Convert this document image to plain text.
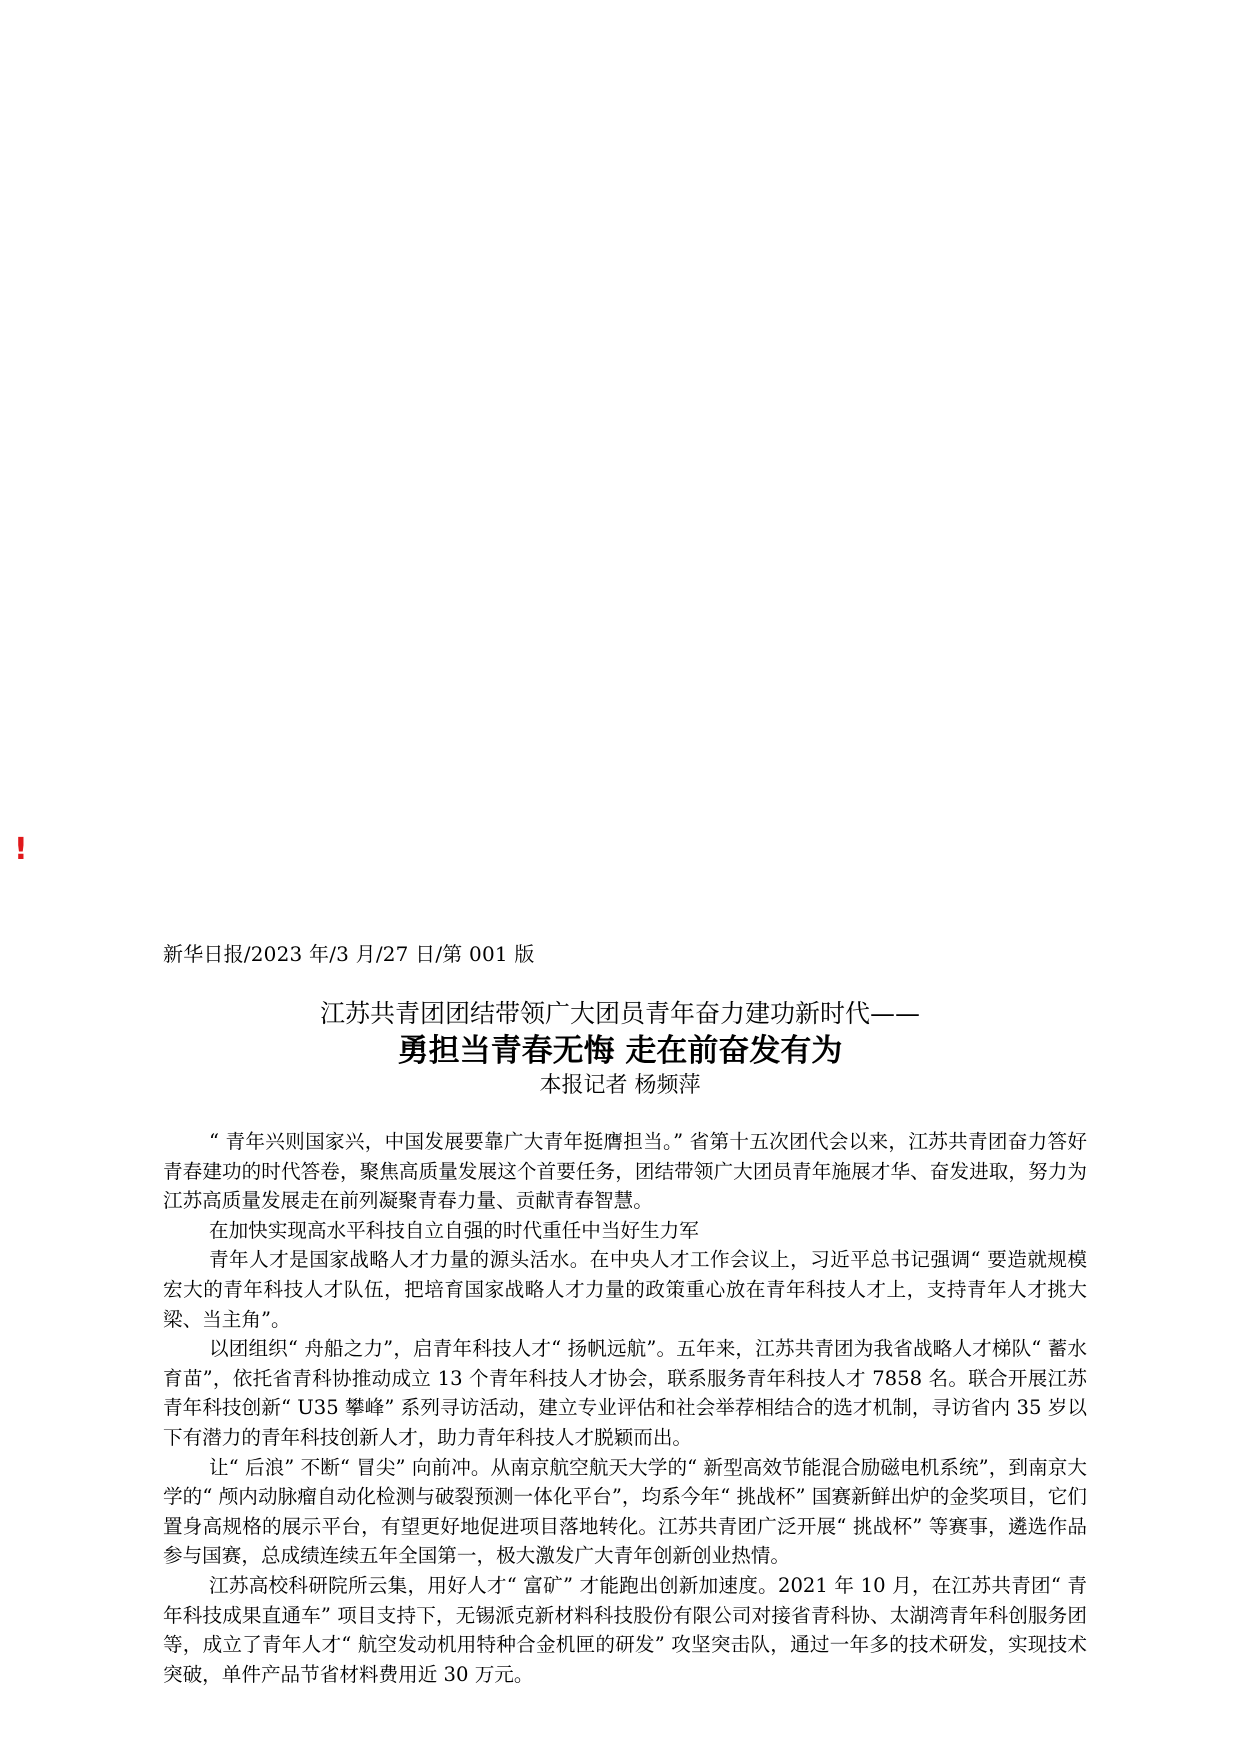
!
新华日报/2023 年/3 月/27 日/第 001 版
江苏共青团团结带领广大团员青年奋力建功新时代——
勇担当青春无悔 走在前奋发有为
本报记者 杨频萍

“ 青年兴则国家兴，中国发展要靠广大青年挺膺担当。” 省第十五次团代会以来，江苏共青团奋力答好青春建功的时代答卷，聚焦高质量发展这个首要任务，团结带领广大团员青年施展才华、奋发进取，努力为江苏高质量发展走在前列凝聚青春力量、贡献青春智慧。

在加快实现高水平科技自立自强的时代重任中当好生力军

青年人才是国家战略人才力量的源头活水。在中央人才工作会议上，习近平总书记强调“ 要造就规模宏大的青年科技人才队伍，把培育国家战略人才力量的政策重心放在青年科技人才上，支持青年人才挑大梁、当主角”。

以团组织“ 舟船之力”，启青年科技人才“ 扬帆远航”。五年来，江苏共青团为我省战略人才梯队“ 蓄水育苗”，依托省青科协推动成立 13 个青年科技人才协会，联系服务青年科技人才 7858 名。联合开展江苏青年科技创新“ U35 攀峰” 系列寻访活动，建立专业评估和社会举荐相结合的选才机制，寻访省内 35 岁以下有潜力的青年科技创新人才，助力青年科技人才脱颖而出。

让“ 后浪” 不断“ 冒尖” 向前冲。从南京航空航天大学的“ 新型高效节能混合励磁电机系统”，到南京大学的“ 颅内动脉瘤自动化检测与破裂预测一体化平台”，均系今年“ 挑战杯” 国赛新鲜出炉的金奖项目，它们置身高规格的展示平台，有望更好地促进项目落地转化。江苏共青团广泛开展“ 挑战杯” 等赛事，遴选作品参与国赛，总成绩连续五年全国第一，极大激发广大青年创新创业热情。

江苏高校科研院所云集，用好人才“ 富矿” 才能跑出创新加速度。2021 年 10 月，在江苏共青团“ 青年科技成果直通车” 项目支持下，无锡派克新材料科技股份有限公司对接省青科协、太湖湾青年科创服务团等，成立了青年人才“ 航空发动机用特种合金机匣的研发” 攻坚突击队，通过一年多的技术研发，实现技术突破，单件产品节省材料费用近 30 万元。
